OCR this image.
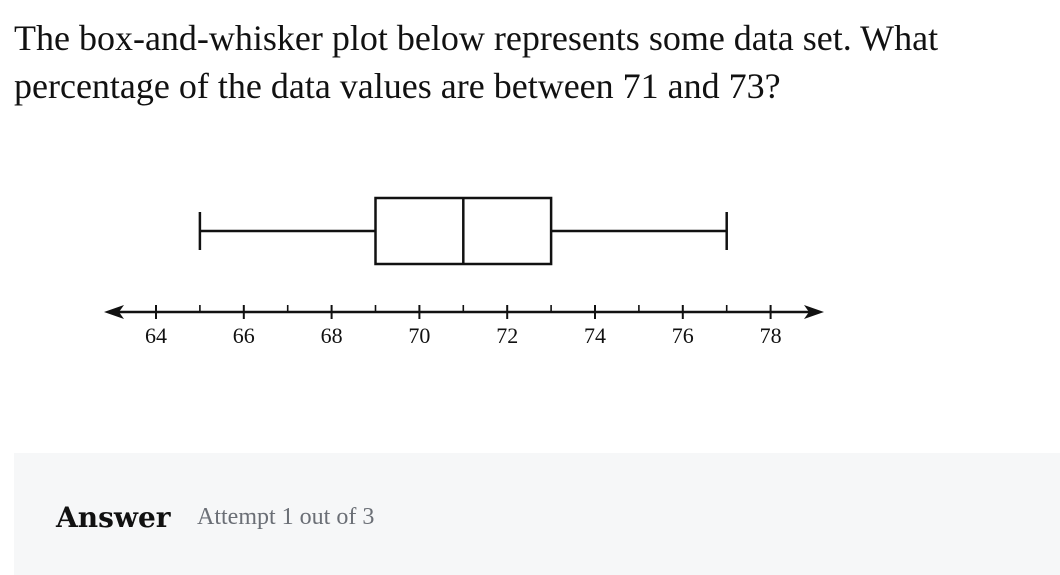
The box-and-whisker plot below represents some data set. What percentage of the data values are between 71 and 73?
64	66	68	70	72	74	76	78
Answer Attempt 1 out of 3
